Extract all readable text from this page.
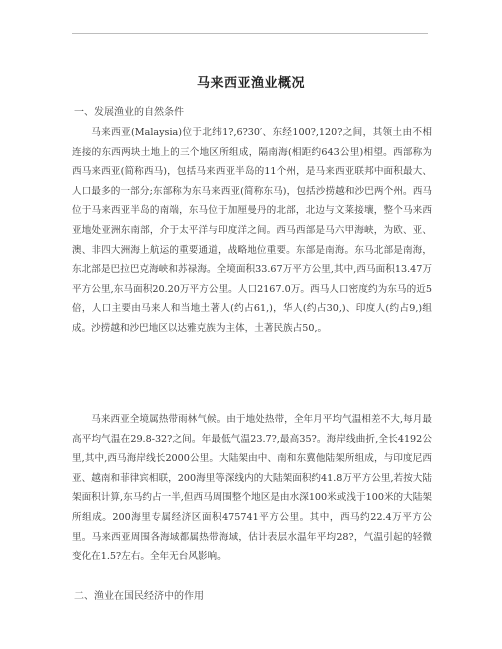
马来西亚渔业概况
一、发展渔业的自然条件
马来西亚(Malaysia)位于北纬1?,6?30′、东经100?,120?之间，其领土由不相连接的东西两块土地上的三个地区所组成，隔南海(相距约643公里)相望。西部称为西马来西亚(简称西马)，包括马来西亚半岛的11个州，是马来西亚联邦中面积最大、人口最多的一部分;东部称为东马来西亚(简称东马)，包括沙捞越和沙巴两个州。西马位于马来西亚半岛的南端，东马位于加厘曼丹的北部，北边与文莱接壤，整个马来西亚地处亚洲东南部，介于太平洋与印度洋之间。西马西部是马六甲海峡，为欧、亚、澳、非四大洲海上航运的重要通道，战略地位重要。东部是南海。东马北部是南海，东北部是巴拉巴克海峡和苏禄海。全境面积33.67万平方公里,其中,西马面积13.47万平方公里,东马面积20.20万平方公里。人口2167.0万。西马人口密度约为东马的近5倍，人口主要由马来人和当地土著人(约占61,)，华人(约占30,)、印度人(约占9,)组成。沙捞越和沙巴地区以达雅克族为主体，土著民族占50,。
马来西亚全境属热带雨林气候。由于地处热带，全年月平均气温相差不大,每月最高平均气温在29.8-32?之间。年最低气温23.7?,最高35?。海岸线曲折,全长4192公里,其中,西马海岸线长2000公里。大陆架由中、南和东冀他陆架所组成，与印度尼西亚、越南和菲律宾相联，200海里等深线内的大陆架面积约41.8万平方公里,若按大陆架面积计算,东马约占一半,但西马周围整个地区是由水深100米或浅于100米的大陆架所组成。200海里专属经济区面积475741平方公里。其中，西马约22.4万平方公里。马来西亚周围各海域都属热带海域，估计表层水温年平均28?，气温引起的轻微变化在1.5?左右。全年无台风影响。
二、渔业在国民经济中的作用
